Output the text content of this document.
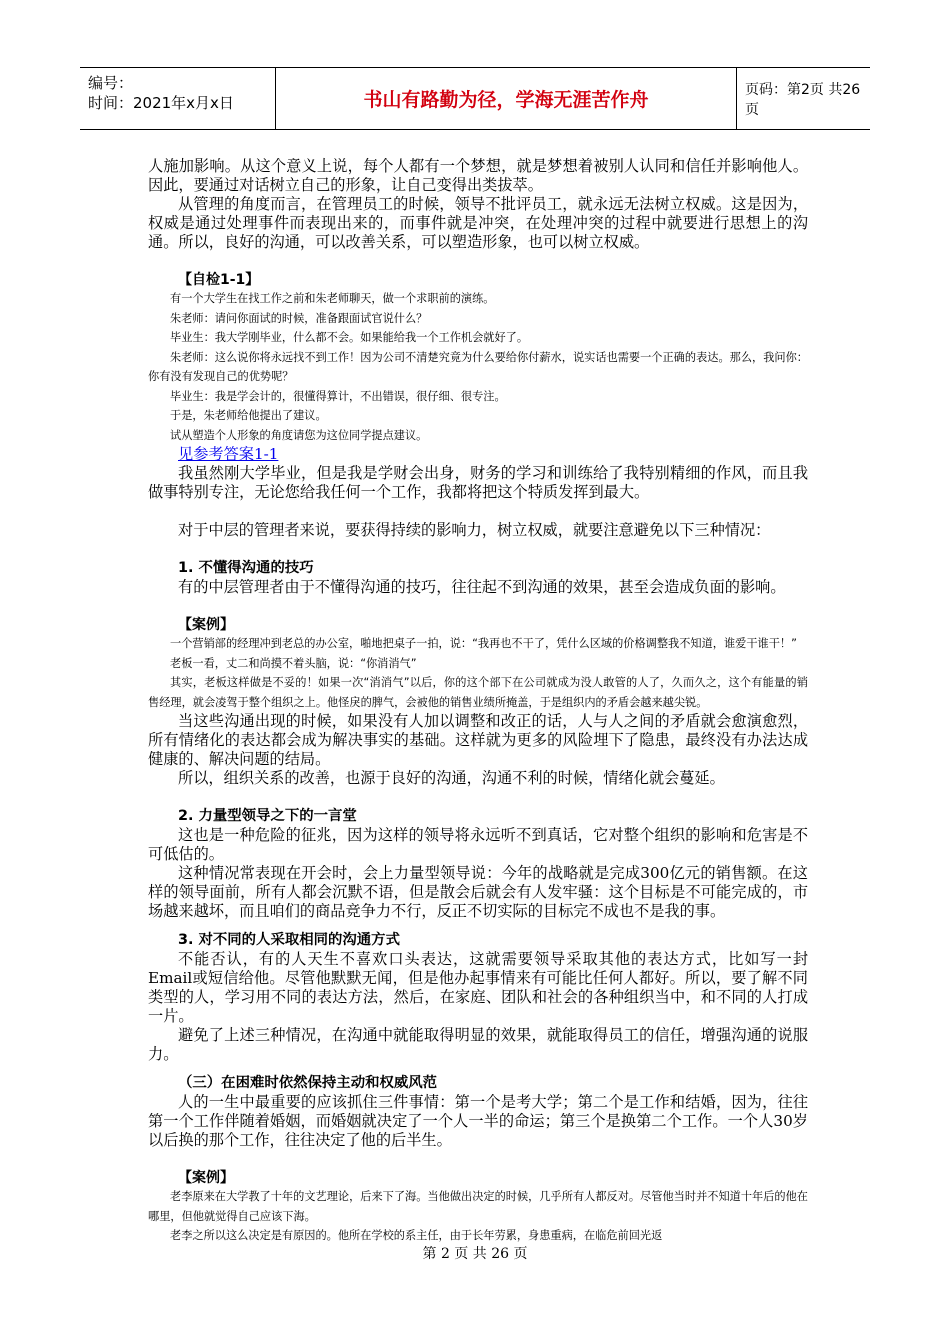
编号：
时间：2021年x月x日	书山有路勤为径，学海无涯苦作舟	页码：第2页 共26页

人施加影响。从这个意义上说，每个人都有一个梦想，就是梦想着被别人认同和信任并影响他人。因此，要通过对话树立自己的形象，让自己变得出类拔萃。

从管理的角度而言，在管理员工的时候，领导不批评员工，就永远无法树立权威。这是因为，权威是通过处理事件而表现出来的，而事件就是冲突，在处理冲突的过程中就要进行思想上的沟通。所以，良好的沟通，可以改善关系，可以塑造形象，也可以树立权威。

【自检1-1】

有一个大学生在找工作之前和朱老师聊天，做一个求职前的演练。

朱老师：请问你面试的时候，准备跟面试官说什么？

毕业生：我大学刚毕业，什么都不会。如果能给我一个工作机会就好了。

朱老师：这么说你将永远找不到工作！因为公司不清楚究竟为什么要给你付薪水，说实话也需要一个正确的表达。那么，我问你：你有没有发现自己的优势呢？

毕业生：我是学会计的，很懂得算计，不出错误，很仔细、很专注。

于是，朱老师给他提出了建议。

试从塑造个人形象的角度请您为这位同学提点建议。

见参考答案1-1

我虽然刚大学毕业，但是我是学财会出身，财务的学习和训练给了我特别精细的作风，而且我做事特别专注，无论您给我任何一个工作，我都将把这个特质发挥到最大。

对于中层的管理者来说，要获得持续的影响力，树立权威，就要注意避免以下三种情况：

1. 不懂得沟通的技巧

有的中层管理者由于不懂得沟通的技巧，往往起不到沟通的效果，甚至会造成负面的影响。

【案例】

一个营销部的经理冲到老总的办公室，啪地把桌子一拍，说：“我再也不干了，凭什么区域的价格调整我不知道，谁爱干谁干！”

老板一看，丈二和尚摸不着头脑，说：“你消消气”

其实，老板这样做是不妥的！如果一次“消消气”以后，你的这个部下在公司就成为没人敢管的人了，久而久之，这个有能量的销售经理，就会凌驾于整个组织之上。他怪戾的脾气，会被他的销售业绩所掩盖，于是组织内的矛盾会越来越尖锐。

当这些沟通出现的时候，如果没有人加以调整和改正的话，人与人之间的矛盾就会愈演愈烈，所有情绪化的表达都会成为解决事实的基础。这样就为更多的风险埋下了隐患，最终没有办法达成健康的、解决问题的结局。

所以，组织关系的改善，也源于良好的沟通，沟通不利的时候，情绪化就会蔓延。

2. 力量型领导之下的一言堂

这也是一种危险的征兆，因为这样的领导将永远听不到真话，它对整个组织的影响和危害是不可低估的。

这种情况常表现在开会时，会上力量型领导说：今年的战略就是完成300亿元的销售额。在这样的领导面前，所有人都会沉默不语，但是散会后就会有人发牢骚：这个目标是不可能完成的，市场越来越坏，而且咱们的商品竞争力不行，反正不切实际的目标完不成也不是我的事。

3. 对不同的人采取相同的沟通方式

不能否认，有的人天生不喜欢口头表达，这就需要领导采取其他的表达方式，比如写一封Email或短信给他。尽管他默默无闻，但是他办起事情来有可能比任何人都好。所以，要了解不同类型的人，学习用不同的表达方法，然后，在家庭、团队和社会的各种组织当中，和不同的人打成一片。

避免了上述三种情况，在沟通中就能取得明显的效果，就能取得员工的信任，增强沟通的说服力。

（三）在困难时依然保持主动和权威风范

人的一生中最重要的应该抓住三件事情：第一个是考大学；第二个是工作和结婚，因为，往往第一个工作伴随着婚姻，而婚姻就决定了一个人一半的命运；第三个是换第二个工作。一个人30岁以后换的那个工作，往往决定了他的后半生。

【案例】

老李原来在大学教了十年的文艺理论，后来下了海。当他做出决定的时候，几乎所有人都反对。尽管他当时并不知道十年后的他在哪里，但他就觉得自己应该下海。

老李之所以这么决定是有原因的。他所在学校的系主任，由于长年劳累，身患重病，在临危前回光返

第 2 页 共 26 页
